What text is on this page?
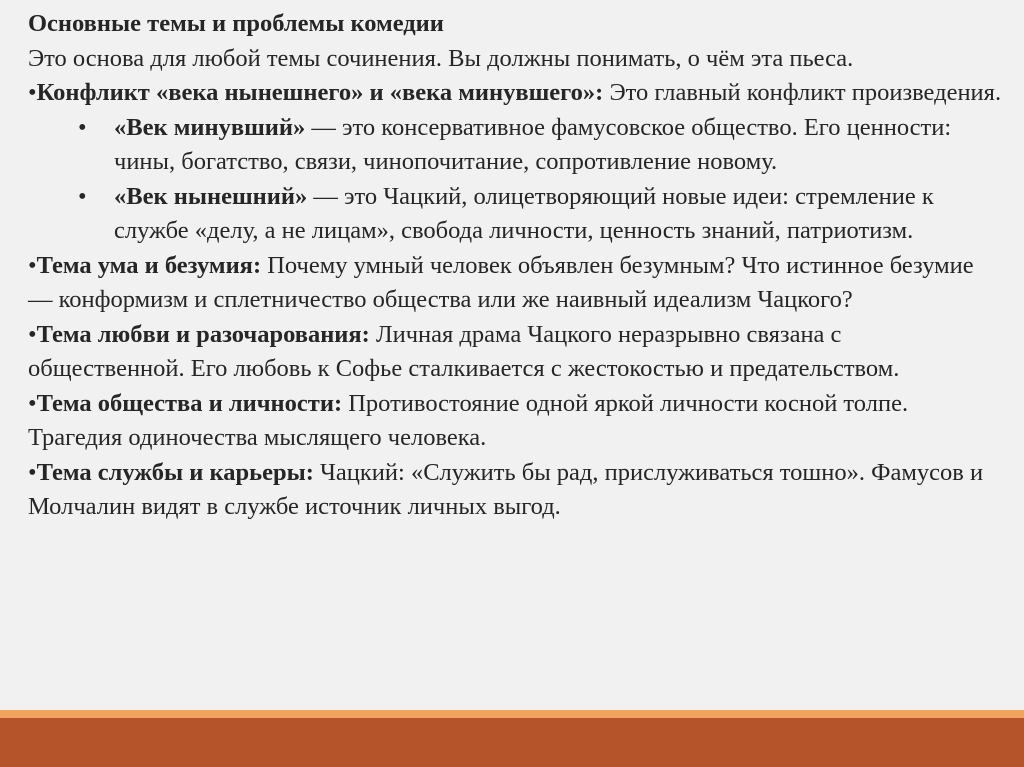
Основные темы и проблемы комедии
Это основа для любой темы сочинения. Вы должны понимать, о чём эта пьеса.
•Конфликт «века нынешнего» и «века минувшего»: Это главный конфликт произведения.
• «Век минувший» — это консервативное фамусовское общество. Его ценности: чины, богатство, связи, чинопочитание, сопротивление новому.
• «Век нынешний» — это Чацкий, олицетворяющий новые идеи: стремление к службе «делу, а не лицам», свобода личности, ценность знаний, патриотизм.
•Тема ума и безумия: Почему умный человек объявлен безумным? Что истинное безумие — конформизм и сплетничество общества или же наивный идеализм Чацкого?
•Тема любви и разочарования: Личная драма Чацкого неразрывно связана с общественной. Его любовь к Софье сталкивается с жестокостью и предательством.
•Тема общества и личности: Противостояние одной яркой личности косной толпе. Трагедия одиночества мыслящего человека.
•Тема службы и карьеры: Чацкий: «Служить бы рад, прислуживаться тошно». Фамусов и Молчалин видят в службе источник личных выгод.
